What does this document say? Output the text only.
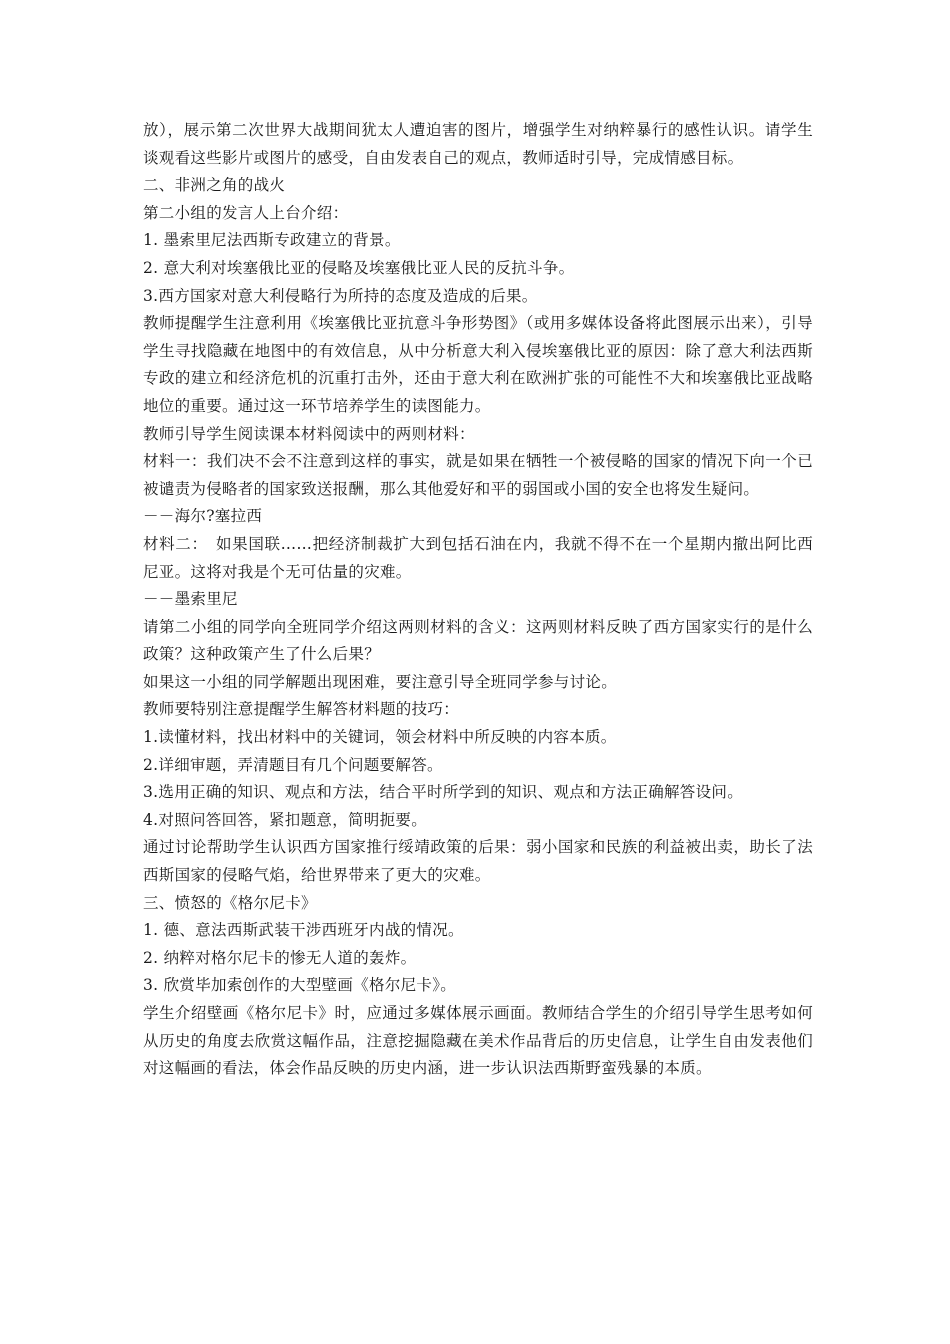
放），展示第二次世界大战期间犹太人遭迫害的图片，增强学生对纳粹暴行的感性认识。请学生谈观看这些影片或图片的感受，自由发表自己的观点，教师适时引导，完成情感目标。

二、非洲之角的战火

第二小组的发言人上台介绍：

1. 墨索里尼法西斯专政建立的背景。

2. 意大利对埃塞俄比亚的侵略及埃塞俄比亚人民的反抗斗争。

3.西方国家对意大利侵略行为所持的态度及造成的后果。

教师提醒学生注意利用《埃塞俄比亚抗意斗争形势图》（或用多媒体设备将此图展示出来），引导学生寻找隐藏在地图中的有效信息，从中分析意大利入侵埃塞俄比亚的原因：除了意大利法西斯专政的建立和经济危机的沉重打击外，还由于意大利在欧洲扩张的可能性不大和埃塞俄比亚战略地位的重要。通过这一环节培养学生的读图能力。

教师引导学生阅读课本材料阅读中的两则材料：

材料一：我们决不会不注意到这样的事实，就是如果在牺牲一个被侵略的国家的情况下向一个已被谴责为侵略者的国家致送报酬，那么其他爱好和平的弱国或小国的安全也将发生疑问。

－－海尔?塞拉西

材料二：　如果国联……把经济制裁扩大到包括石油在内，我就不得不在一个星期内撤出阿比西尼亚。这将对我是个无可估量的灾难。

－－墨索里尼

请第二小组的同学向全班同学介绍这两则材料的含义：这两则材料反映了西方国家实行的是什么政策？这种政策产生了什么后果？

如果这一小组的同学解题出现困难，要注意引导全班同学参与讨论。

教师要特别注意提醒学生解答材料题的技巧：

1.读懂材料，找出材料中的关键词，领会材料中所反映的内容本质。

2.详细审题，弄清题目有几个问题要解答。

3.选用正确的知识、观点和方法，结合平时所学到的知识、观点和方法正确解答设问。

4.对照问答回答，紧扣题意，简明扼要。

通过讨论帮助学生认识西方国家推行绥靖政策的后果：弱小国家和民族的利益被出卖，助长了法西斯国家的侵略气焰，给世界带来了更大的灾难。

三、愤怒的《格尔尼卡》

1. 德、意法西斯武装干涉西班牙内战的情况。

2. 纳粹对格尔尼卡的惨无人道的轰炸。

3. 欣赏毕加索创作的大型壁画《格尔尼卡》。

学生介绍壁画《格尔尼卡》时，应通过多媒体展示画面。教师结合学生的介绍引导学生思考如何从历史的角度去欣赏这幅作品，注意挖掘隐藏在美术作品背后的历史信息，让学生自由发表他们对这幅画的看法，体会作品反映的历史内涵，进一步认识法西斯野蛮残暴的本质。
